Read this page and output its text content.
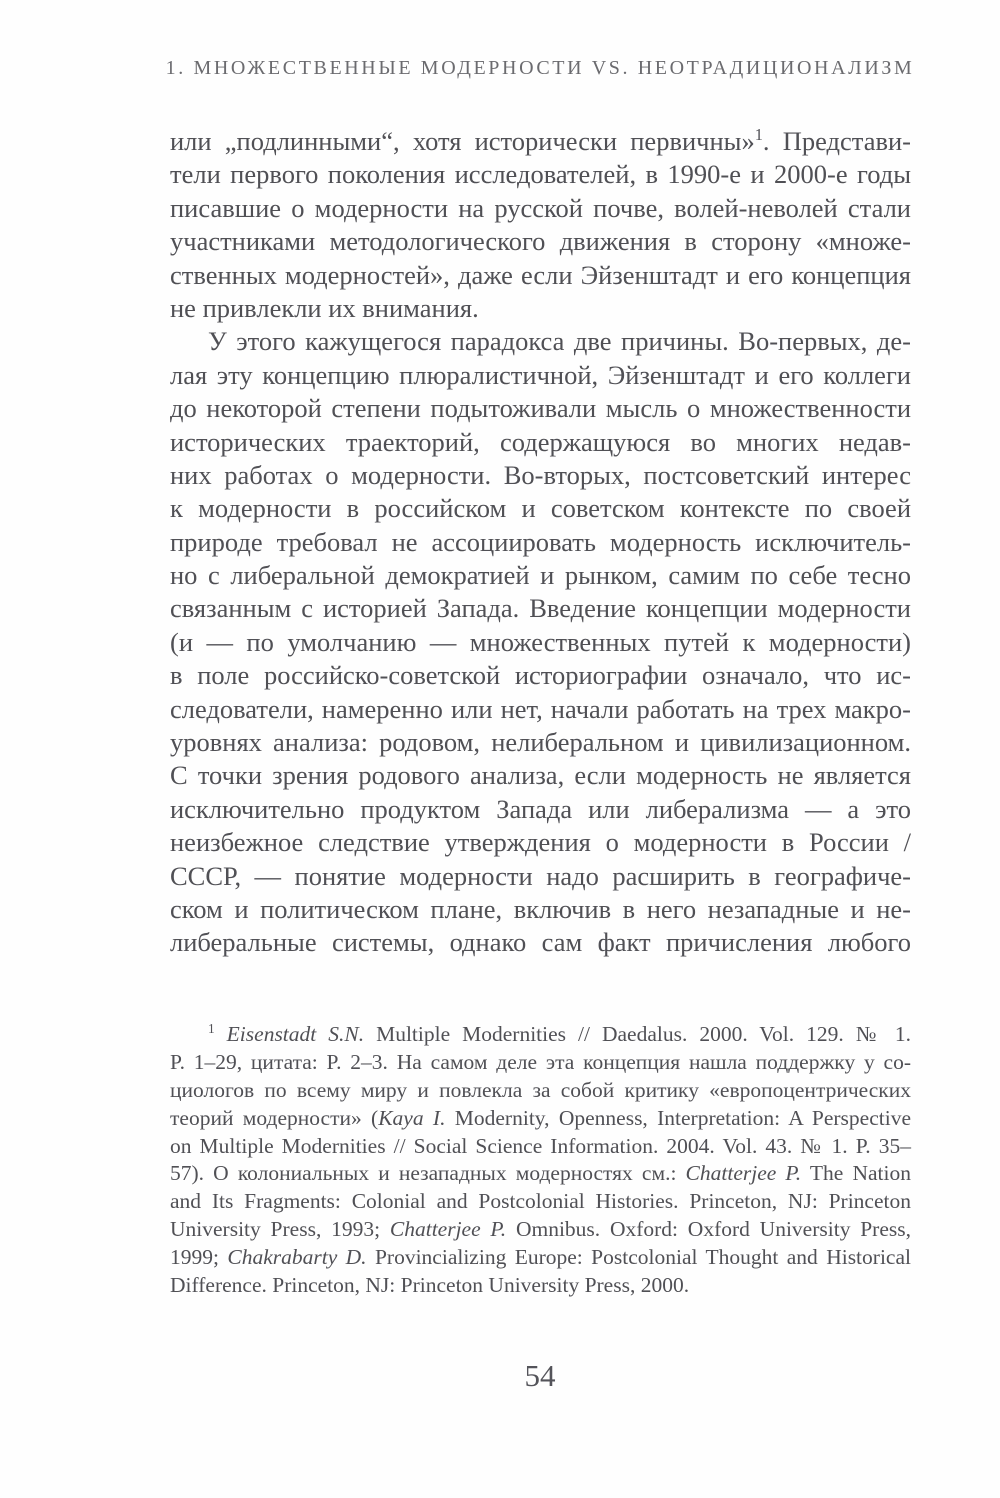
1. МНОЖЕСТВЕННЫЕ МОДЕРНОСТИ VS. НЕОТРАДИЦИОНАЛИЗМ
или „подлинными“, хотя исторически первичны»$^1$. Представи-
тели первого поколения исследователей, в 1990-е и 2000-е годы
писавшие о модерности на русской почве, волей-неволей стали
участниками методологического движения в сторону «множе-
ственных модерностей», даже если Эйзенштадт и его концепция
не привлекли их внимания.
У этого кажущегося парадокса две причины. Во-первых, де-
лая эту концепцию плюралистичной, Эйзенштадт и его коллеги
до некоторой степени подытоживали мысль о множественности
исторических траекторий, содержащуюся во многих недав-
них работах о модерности. Во-вторых, постсоветский интерес
к модерности в российском и советском контексте по своей
природе требовал не ассоциировать модерность исключитель-
но с либеральной демократией и рынком, самим по себе тесно
связанным с историей Запада. Введение концепции модерности
(и — по умолчанию — множественных путей к модерности)
в поле российско-советской историографии означало, что ис-
следователи, намеренно или нет, начали работать на трех макро-
уровнях анализа: родовом, нелиберальном и цивилизационном.
С точки зрения родового анализа, если модерность не является
исключительно продуктом Запада или либерализма — а это
неизбежное следствие утверждения о модерности в России /
СССР, — понятие модерности надо расширить в географиче-
ском и политическом плане, включив в него незападные и не-
либеральные системы, однако сам факт причисления любого
$^1$ Eisenstadt S.N. Multiple Modernities // Daedalus. 2000. Vol. 129. № 1.
P. 1–29, цитата: P. 2–3. На самом деле эта концепция нашла поддержку у со-
циологов по всему миру и повлекла за собой критику «европоцентрических
теорий модерности» (Kaya I. Modernity, Openness, Interpretation: A Perspective
on Multiple Modernities // Social Science Information. 2004. Vol. 43. № 1. P. 35–
57). О колониальных и незападных модерностях см.: Chatterjee P. The Nation
and Its Fragments: Colonial and Postcolonial Histories. Princeton, NJ: Princeton
University Press, 1993; Chatterjee P. Omnibus. Oxford: Oxford University Press,
1999; Chakrabarty D. Provincializing Europe: Postcolonial Thought and Historical
Difference. Princeton, NJ: Princeton University Press, 2000.
54
